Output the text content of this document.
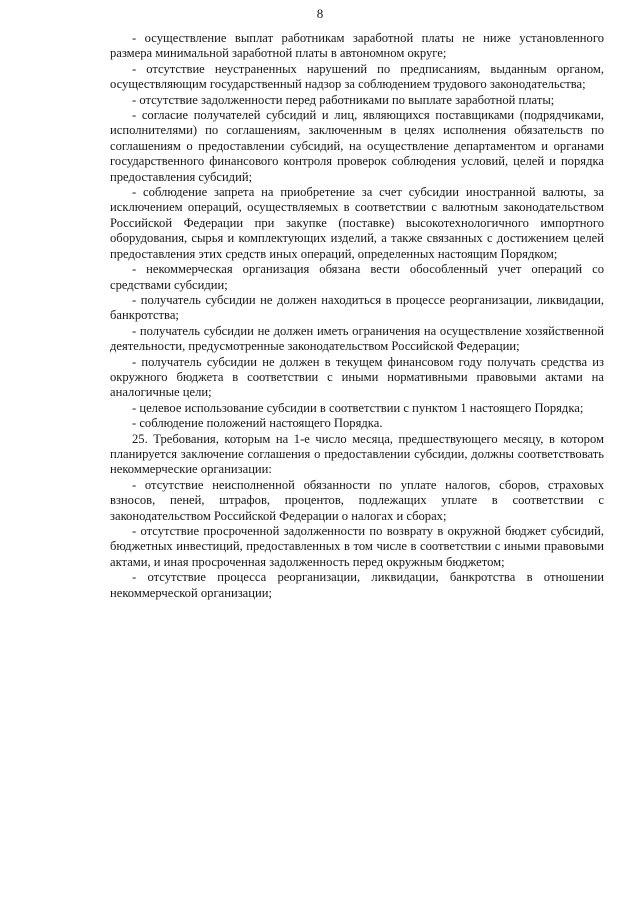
8

- осуществление выплат работникам заработной платы не ниже установленного размера минимальной заработной платы в автономном округе;

- отсутствие неустраненных нарушений по предписаниям, выданным органом, осуществляющим государственный надзор за соблюдением трудового законодательства;

- отсутствие задолженности перед работниками по выплате заработной платы;

- согласие получателей субсидий и лиц, являющихся поставщиками (подрядчиками, исполнителями) по соглашениям, заключенным в целях исполнения обязательств по соглашениям о предоставлении субсидий, на осуществление департаментом и органами государственного финансового контроля проверок соблюдения условий, целей и порядка предоставления субсидий;

- соблюдение запрета на приобретение за счет субсидии иностранной валюты, за исключением операций, осуществляемых в соответствии с валютным законодательством Российской Федерации при закупке (поставке) высокотехнологичного импортного оборудования, сырья и комплектующих изделий, а также связанных с достижением целей предоставления этих средств иных операций, определенных настоящим Порядком;

- некоммерческая организация обязана вести обособленный учет операций со средствами субсидии;

- получатель субсидии не должен находиться в процессе реорганизации, ликвидации, банкротства;

- получатель субсидии не должен иметь ограничения на осуществление хозяйственной деятельности, предусмотренные законодательством Российской Федерации;

- получатель субсидии не должен в текущем финансовом году получать средства из окружного бюджета в соответствии с иными нормативными правовыми актами на аналогичные цели;

- целевое использование субсидии в соответствии с пунктом 1 настоящего Порядка;

- соблюдение положений настоящего Порядка.

25. Требования, которым на 1-е число месяца, предшествующего месяцу, в котором планируется заключение соглашения о предоставлении субсидии, должны соответствовать некоммерческие организации:

- отсутствие неисполненной обязанности по уплате налогов, сборов, страховых взносов, пеней, штрафов, процентов, подлежащих уплате в соответствии с законодательством Российской Федерации о налогах и сборах;

- отсутствие просроченной задолженности по возврату в окружной бюджет субсидий, бюджетных инвестиций, предоставленных в том числе в соответствии с иными правовыми актами, и иная просроченная задолженность перед окружным бюджетом;

- отсутствие процесса реорганизации, ликвидации, банкротства в отношении некоммерческой организации;
